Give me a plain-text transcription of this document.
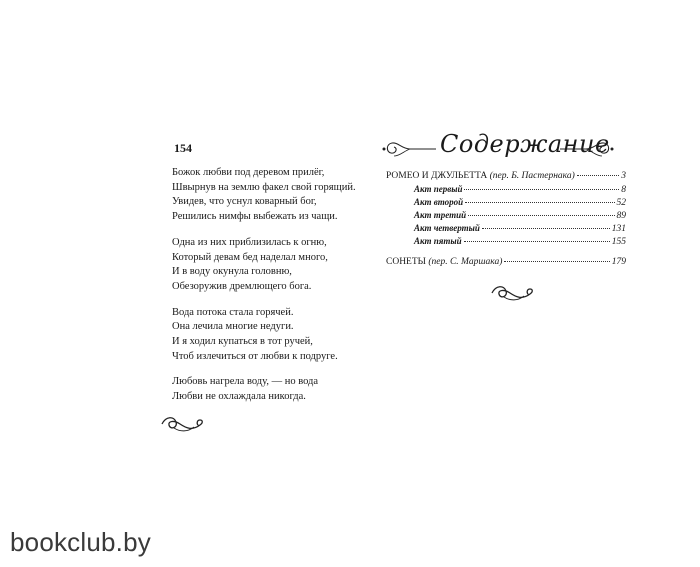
154
Божок любви под деревом прилёг,
Швырнув на землю факел свой горящий.
Увидев, что уснул коварный бог,
Решились нимфы выбежать из чащи.
Одна из них приблизилась к огню,
Который девам бед наделал много,
И в воду окунула головню,
Обезоружив дремлющего бога.
Вода потока стала горячей.
Она лечила многие недуги.
И я ходил купаться в тот ручей,
Чтоб излечиться от любви к подруге.
Любовь нагрела воду, — но вода
Любви не охлаждала никогда.
Содержание
РОМЕО И ДЖУЛЬЕТТА (пер. Б. Пастернака)	3
Акт первый	8
Акт второй	52
Акт третий	89
Акт четвертый	131
Акт пятый	155
СОНЕТЫ (пер. С. Маршака)	179
bookclub.by
